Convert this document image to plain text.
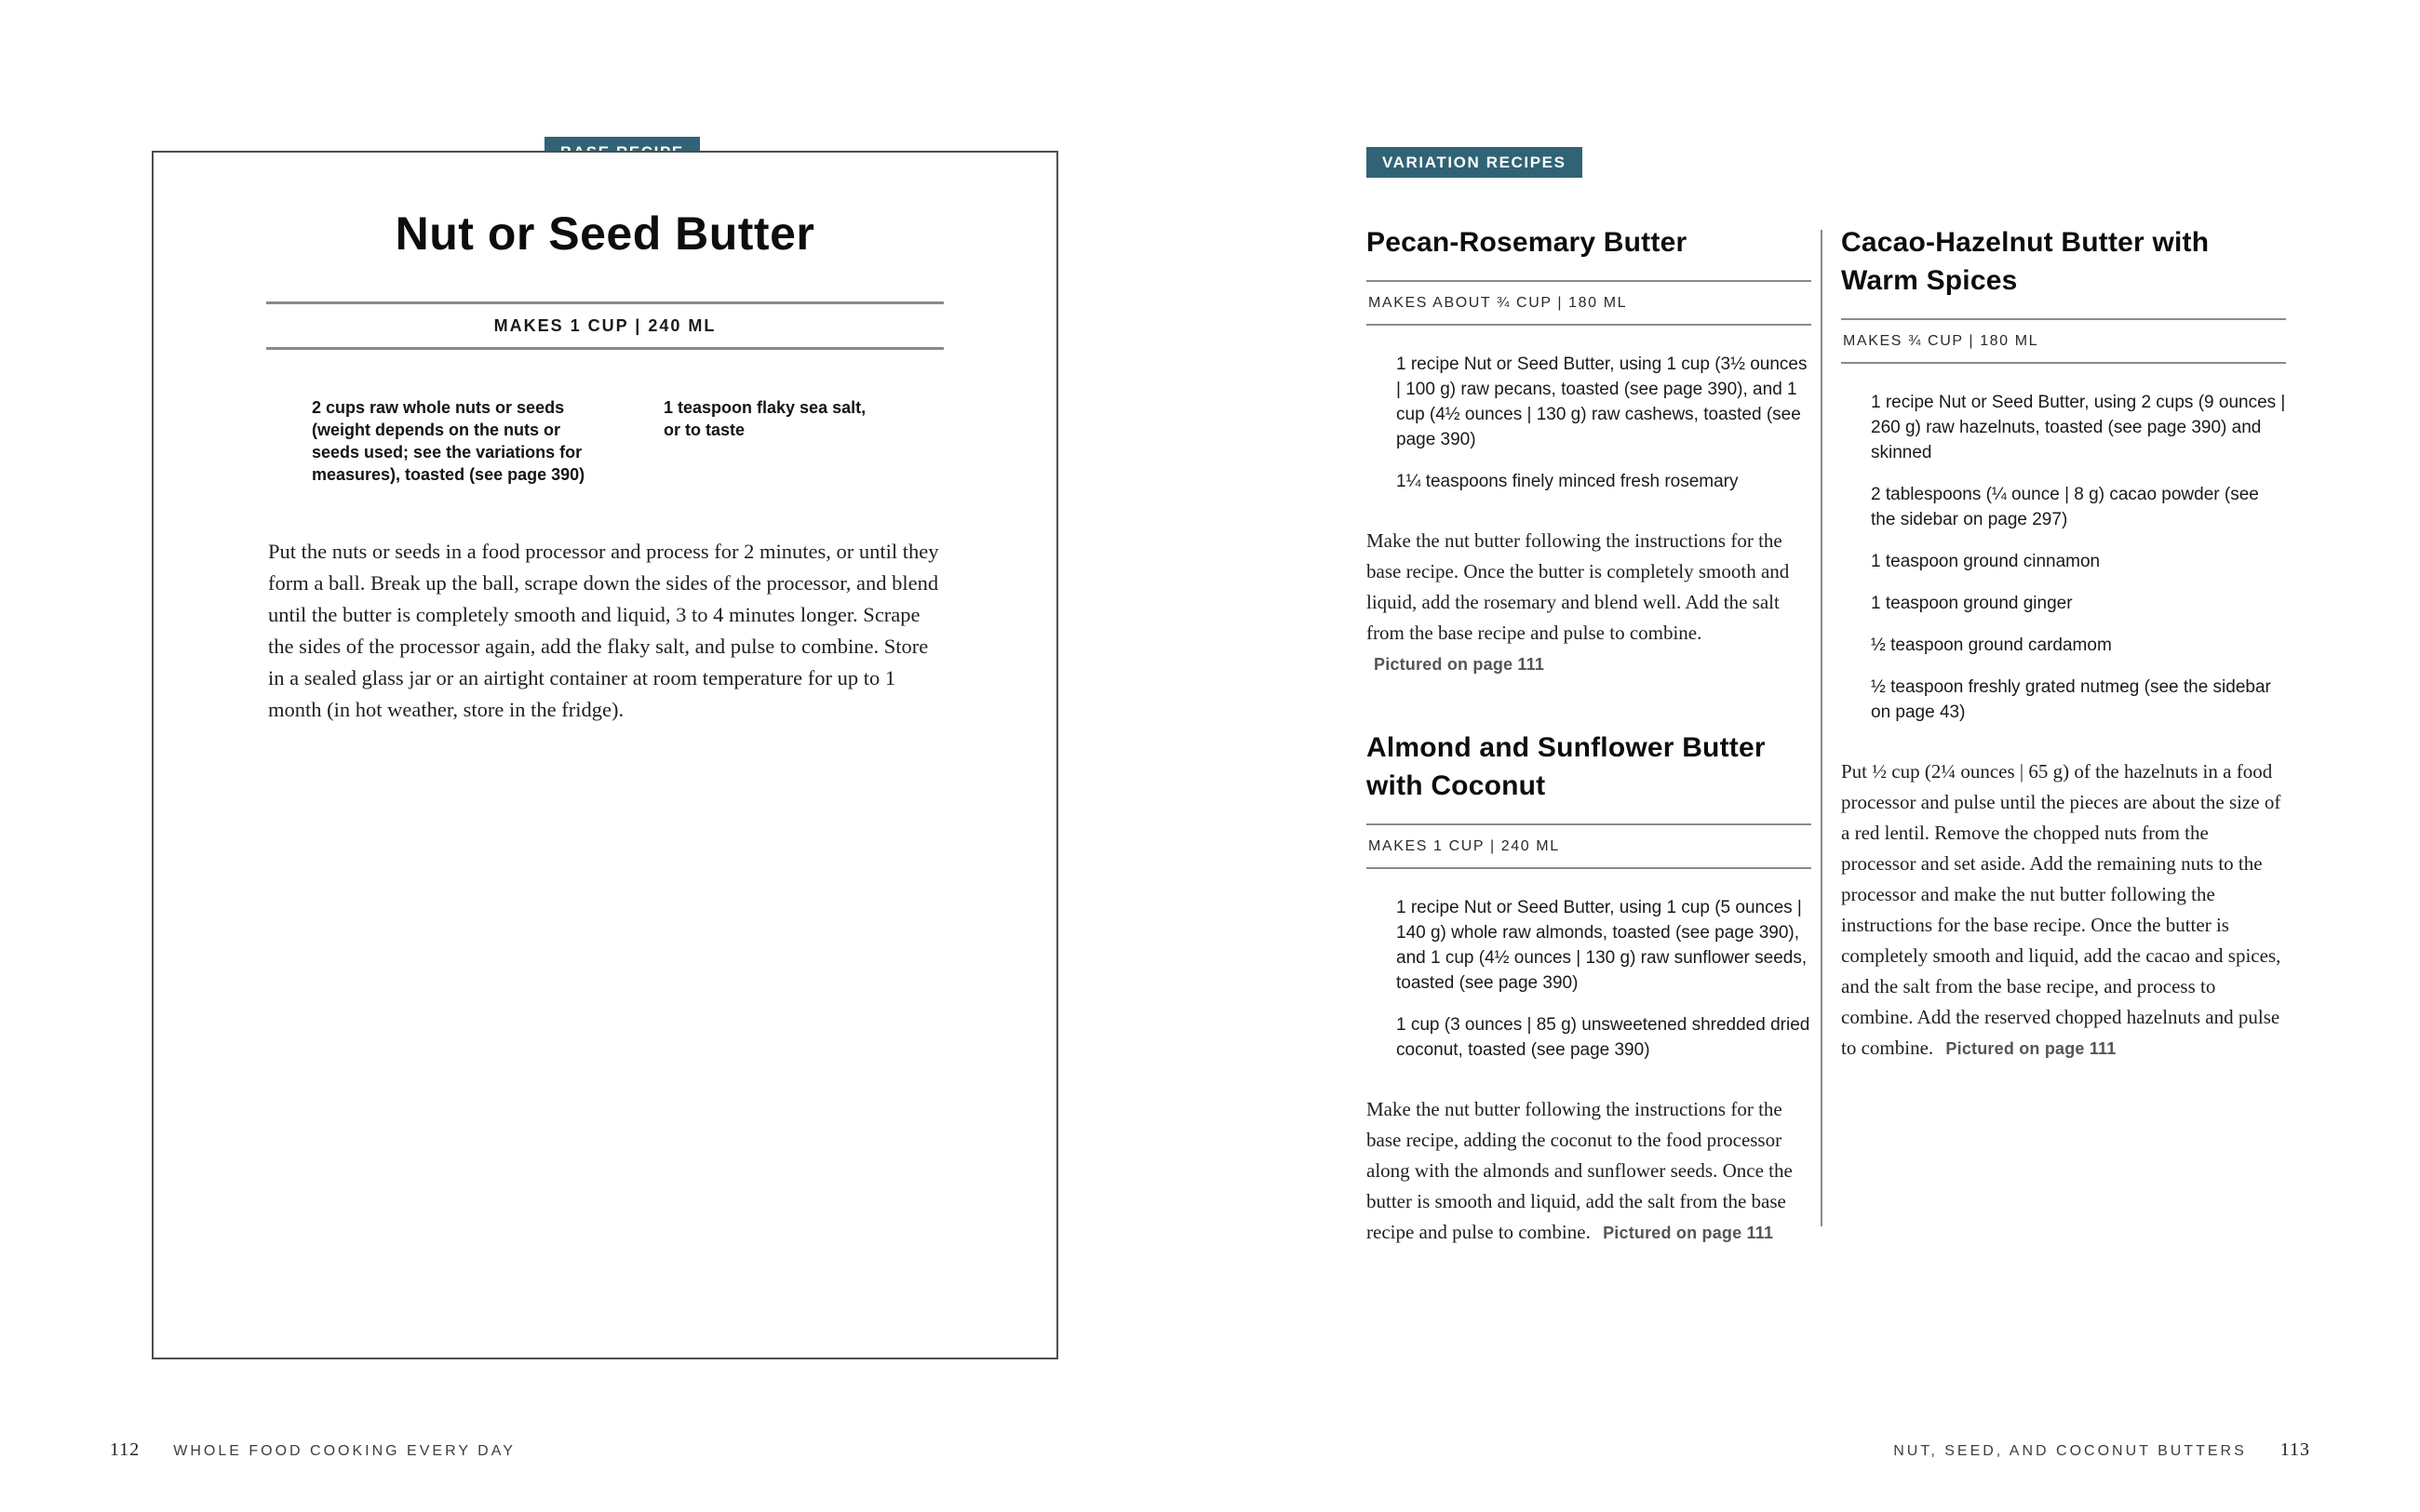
Nut or Seed Butter
MAKES 1 CUP | 240 ML

2 cups raw whole nuts or seeds (weight depends on the nuts or seeds used; see the variations for measures), toasted (see page 390)

1 teaspoon flaky sea salt, or to taste

Put the nuts or seeds in a food processor and process for 2 minutes, or until they form a ball. Break up the ball, scrape down the sides of the processor, and blend until the butter is completely smooth and liquid, 3 to 4 minutes longer. Scrape the sides of the processor again, add the flaky salt, and pulse to combine. Store in a sealed glass jar or an airtight container at room temperature for up to 1 month (in hot weather, store in the fridge).

112 WHOLE FOOD COOKING EVERY DAY
VARIATION RECIPES
Pecan-Rosemary Butter
MAKES ABOUT ¾ CUP | 180 ML

1 recipe Nut or Seed Butter, using 1 cup (3½ ounces | 100 g) raw pecans, toasted (see page 390), and 1 cup (4½ ounces | 130 g) raw cashews, toasted (see page 390)

1¼ teaspoons finely minced fresh rosemary

Make the nut butter following the instructions for the base recipe. Once the butter is completely smooth and liquid, add the rosemary and blend well. Add the salt from the base recipe and pulse to combine. Pictured on page 111

Almond and Sunflower Butter with Coconut
MAKES 1 CUP | 240 ML

1 recipe Nut or Seed Butter, using 1 cup (5 ounces | 140 g) whole raw almonds, toasted (see page 390), and 1 cup (4½ ounces | 130 g) raw sunflower seeds, toasted (see page 390)

1 cup (3 ounces | 85 g) unsweetened shredded dried coconut, toasted (see page 390)

Make the nut butter following the instructions for the base recipe, adding the coconut to the food processor along with the almonds and sunflower seeds. Once the butter is smooth and liquid, add the salt from the base recipe and pulse to combine. Pictured on page 111

Cacao-Hazelnut Butter with Warm Spices
MAKES ¾ CUP | 180 ML

1 recipe Nut or Seed Butter, using 2 cups (9 ounces | 260 g) raw hazelnuts, toasted (see page 390) and skinned

2 tablespoons (¼ ounce | 8 g) cacao powder (see the sidebar on page 297)

1 teaspoon ground cinnamon

1 teaspoon ground ginger

½ teaspoon ground cardamom

½ teaspoon freshly grated nutmeg (see the sidebar on page 43)

Put ½ cup (2¼ ounces | 65 g) of the hazelnuts in a food processor and pulse until the pieces are about the size of a red lentil. Remove the chopped nuts from the processor and set aside. Add the remaining nuts to the processor and make the nut butter following the instructions for the base recipe. Once the butter is completely smooth and liquid, add the cacao and spices, and the salt from the base recipe, and process to combine. Add the reserved chopped hazelnuts and pulse to combine. Pictured on page 111

NUT, SEED, AND COCONUT BUTTERS 113
